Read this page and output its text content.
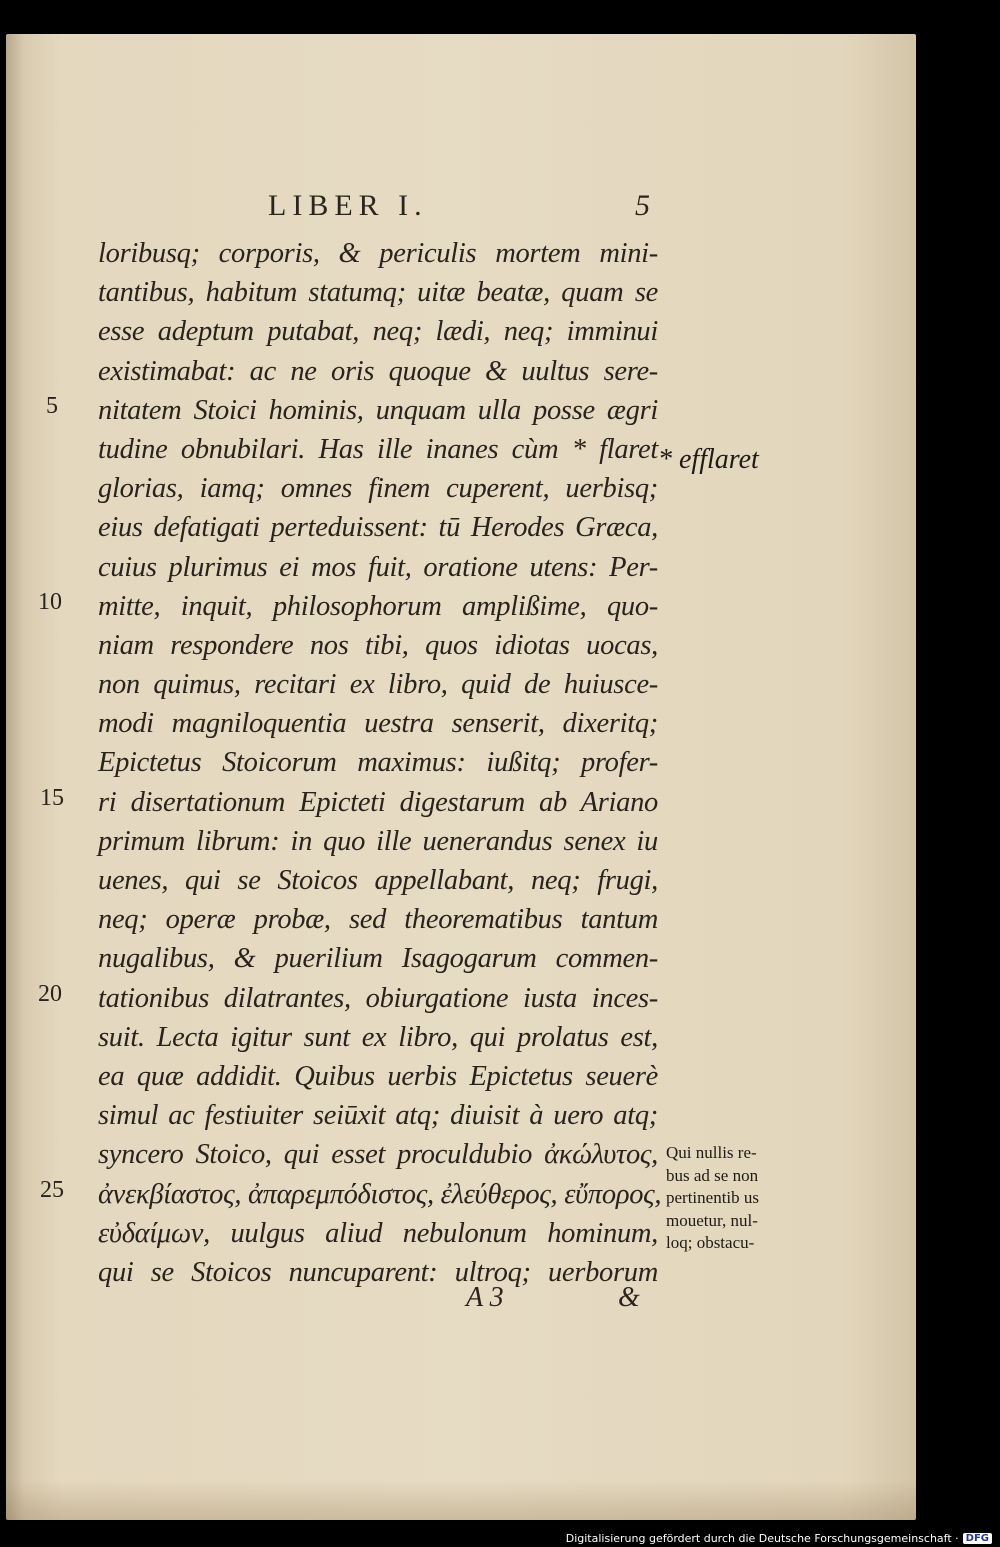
LIBER I.	5
loribusq; corporis, & periculis mortem mini-
tantibus, habitum statumq; uitæ beatæ, quam se
esse adeptum putabat, neq; lædi, neq; imminui
existimabat: ac ne oris quoque & uultus sere-
nitatem Stoici hominis, unquam ulla posse ægri
tudine obnubilari. Has ille inanes cùm * flaret
glorias, iamq; omnes finem cuperent, uerbisq;
eius defatigati perteduissent: tū Herodes Græca,
cuius plurimus ei mos fuit, oratione utens: Per-
mitte, inquit, philosophorum amplißime, quo-
niam respondere nos tibi, quos idiotas uocas,
non quimus, recitari ex libro, quid de huiusce-
modi magniloquentia uestra senserit, dixeritq;
Epictetus Stoicorum maximus: iußitq; profer-
ri disertationum Epicteti digestarum ab Ariano
primum librum: in quo ille uenerandus senex iu
uenes, qui se Stoicos appellabant, neq; frugi,
neq; operæ probæ, sed theorematibus tantum
nugalibus, & puerilium Isagogarum commen-
tationibus dilatrantes, obiurgatione iusta inces-
suit. Lecta igitur sunt ex libro, qui prolatus est,
ea quæ addidit. Quibus uerbis Epictetus seuerè
simul ac festiuiter seiūxit atq; diuisit à uero atq;
syncero Stoico, qui esset proculdubio ἀκώλυτος,
ἀνεκβίαστος, ἀπαρεμπόδιστος, ἐλεύθερος, εὔπορος,
εὐδαίμων, uulgus aliud nebulonum hominum,
qui se Stoicos nuncuparent: ultroq; uerborum
5
10
15
20
25
* efflaret
Qui nullis re-
bus ad se non
pertinentib us
mouetur, nul-
loq; obstacu-
A 3	&
Digitalisierung gefördert durch die Deutsche Forschungsgemeinschaft · DFG
